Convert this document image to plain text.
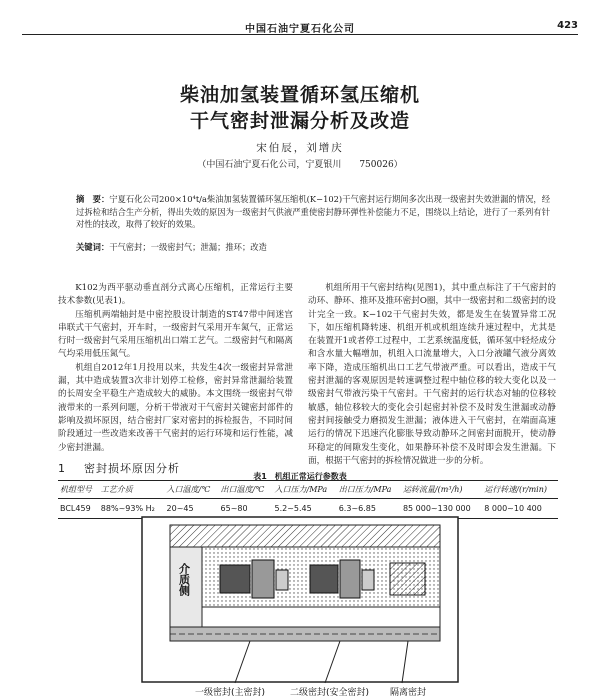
中国石油宁夏石化公司	423
柴油加氢装置循环氢压缩机
干气密封泄漏分析及改造
宋伯辰，刘增庆
（中国石油宁夏石化公司，宁夏银川　　750026）
摘　要：宁夏石化公司200×10⁴t/a柴油加氢装置循环氢压缩机(K−102)干气密封运行期间多次出现一级密封失效泄漏的情况，经过拆检和结合生产分析，得出失效的原因为一级密封气供液严重使密封静环弹性补偿能力不足，围绕以上结论，进行了一系列有针对性的技改，取得了较好的效果。
关键词：干气密封；一级密封气；泄漏；推环；改造

K102为西平驱动垂直剖分式离心压缩机，正常运行主要技术参数(见表1)。

压缩机两端轴封是中密控股设计制造的ST47带中间迷宫串联式干气密封，开车时，一级密封气采用开车氮气，正常运行时一级密封气采用压缩机出口端工艺气。二级密封气和隔离气均采用低压氮气。

机组自2012年1月投用以来，共发生4次一级密封异常泄漏，其中造成装置3次非计划停工检修，密封异常泄漏给装置的长周安全平稳生产造成较大的威胁。本文围绕一级密封气带液带来的一系列问题，分析干带液对干气密封关键密封部件的影响及损坏原因，结合密封厂家对密封的拆检报告，不同时间阶段通过一些改造来改善干气密封的运行环境和运行性能，减少密封泄漏。

机组所用干气密封结构(见图1)，其中重点标注了干气密封的动环、静环、推环及推环密封O圈，其中一级密封和二级密封的设计完全一致。K−102干气密封失效，都是发生在装置异常工况下，如压缩机降转速、机组开机或机组连续升速过程中，尤其是在装置开1或者停工过程中，工艺系统温度低，循环氢中轻烃成分和含水量大幅增加，机组入口流量增大，入口分液罐气液分离效率下降，造成压缩机出口工艺气带液严重。可以看出，造成干气密封泄漏的客观原因是转速调整过程中轴位移的较大变化以及一级密封气带液污染干气密封。干气密封的运行状态对轴的位移较敏感，轴位移较大的变化会引起密封补偿不及时发生泄漏或动静密封间接触受力磨损发生泄漏；液体进入干气密封，在端面高速运行的情况下迅速汽化膨胀导致动静环之间密封面脱开，使动静环稳定的间隙发生变化，如果静环补偿不及时即会发生泄漏。下面，根据干气密封的拆检情况做进一步的分析。

1 密封损坏原因分析
表1　机组正常运行参数表
机组型号	工艺介质	入口温度/℃	出口温度/℃	入口压力/MPa	出口压力/MPa	运转流量/(m³/h)	运行转速/(r/min)
BCL459	88%~93% H₂	20~45	65~80	5.2~5.45	6.3~6.85	85 000~130 000	8 000~10 400
介质侧
一级密封(主密封)	二级密封(安全密封) 隔离密封
